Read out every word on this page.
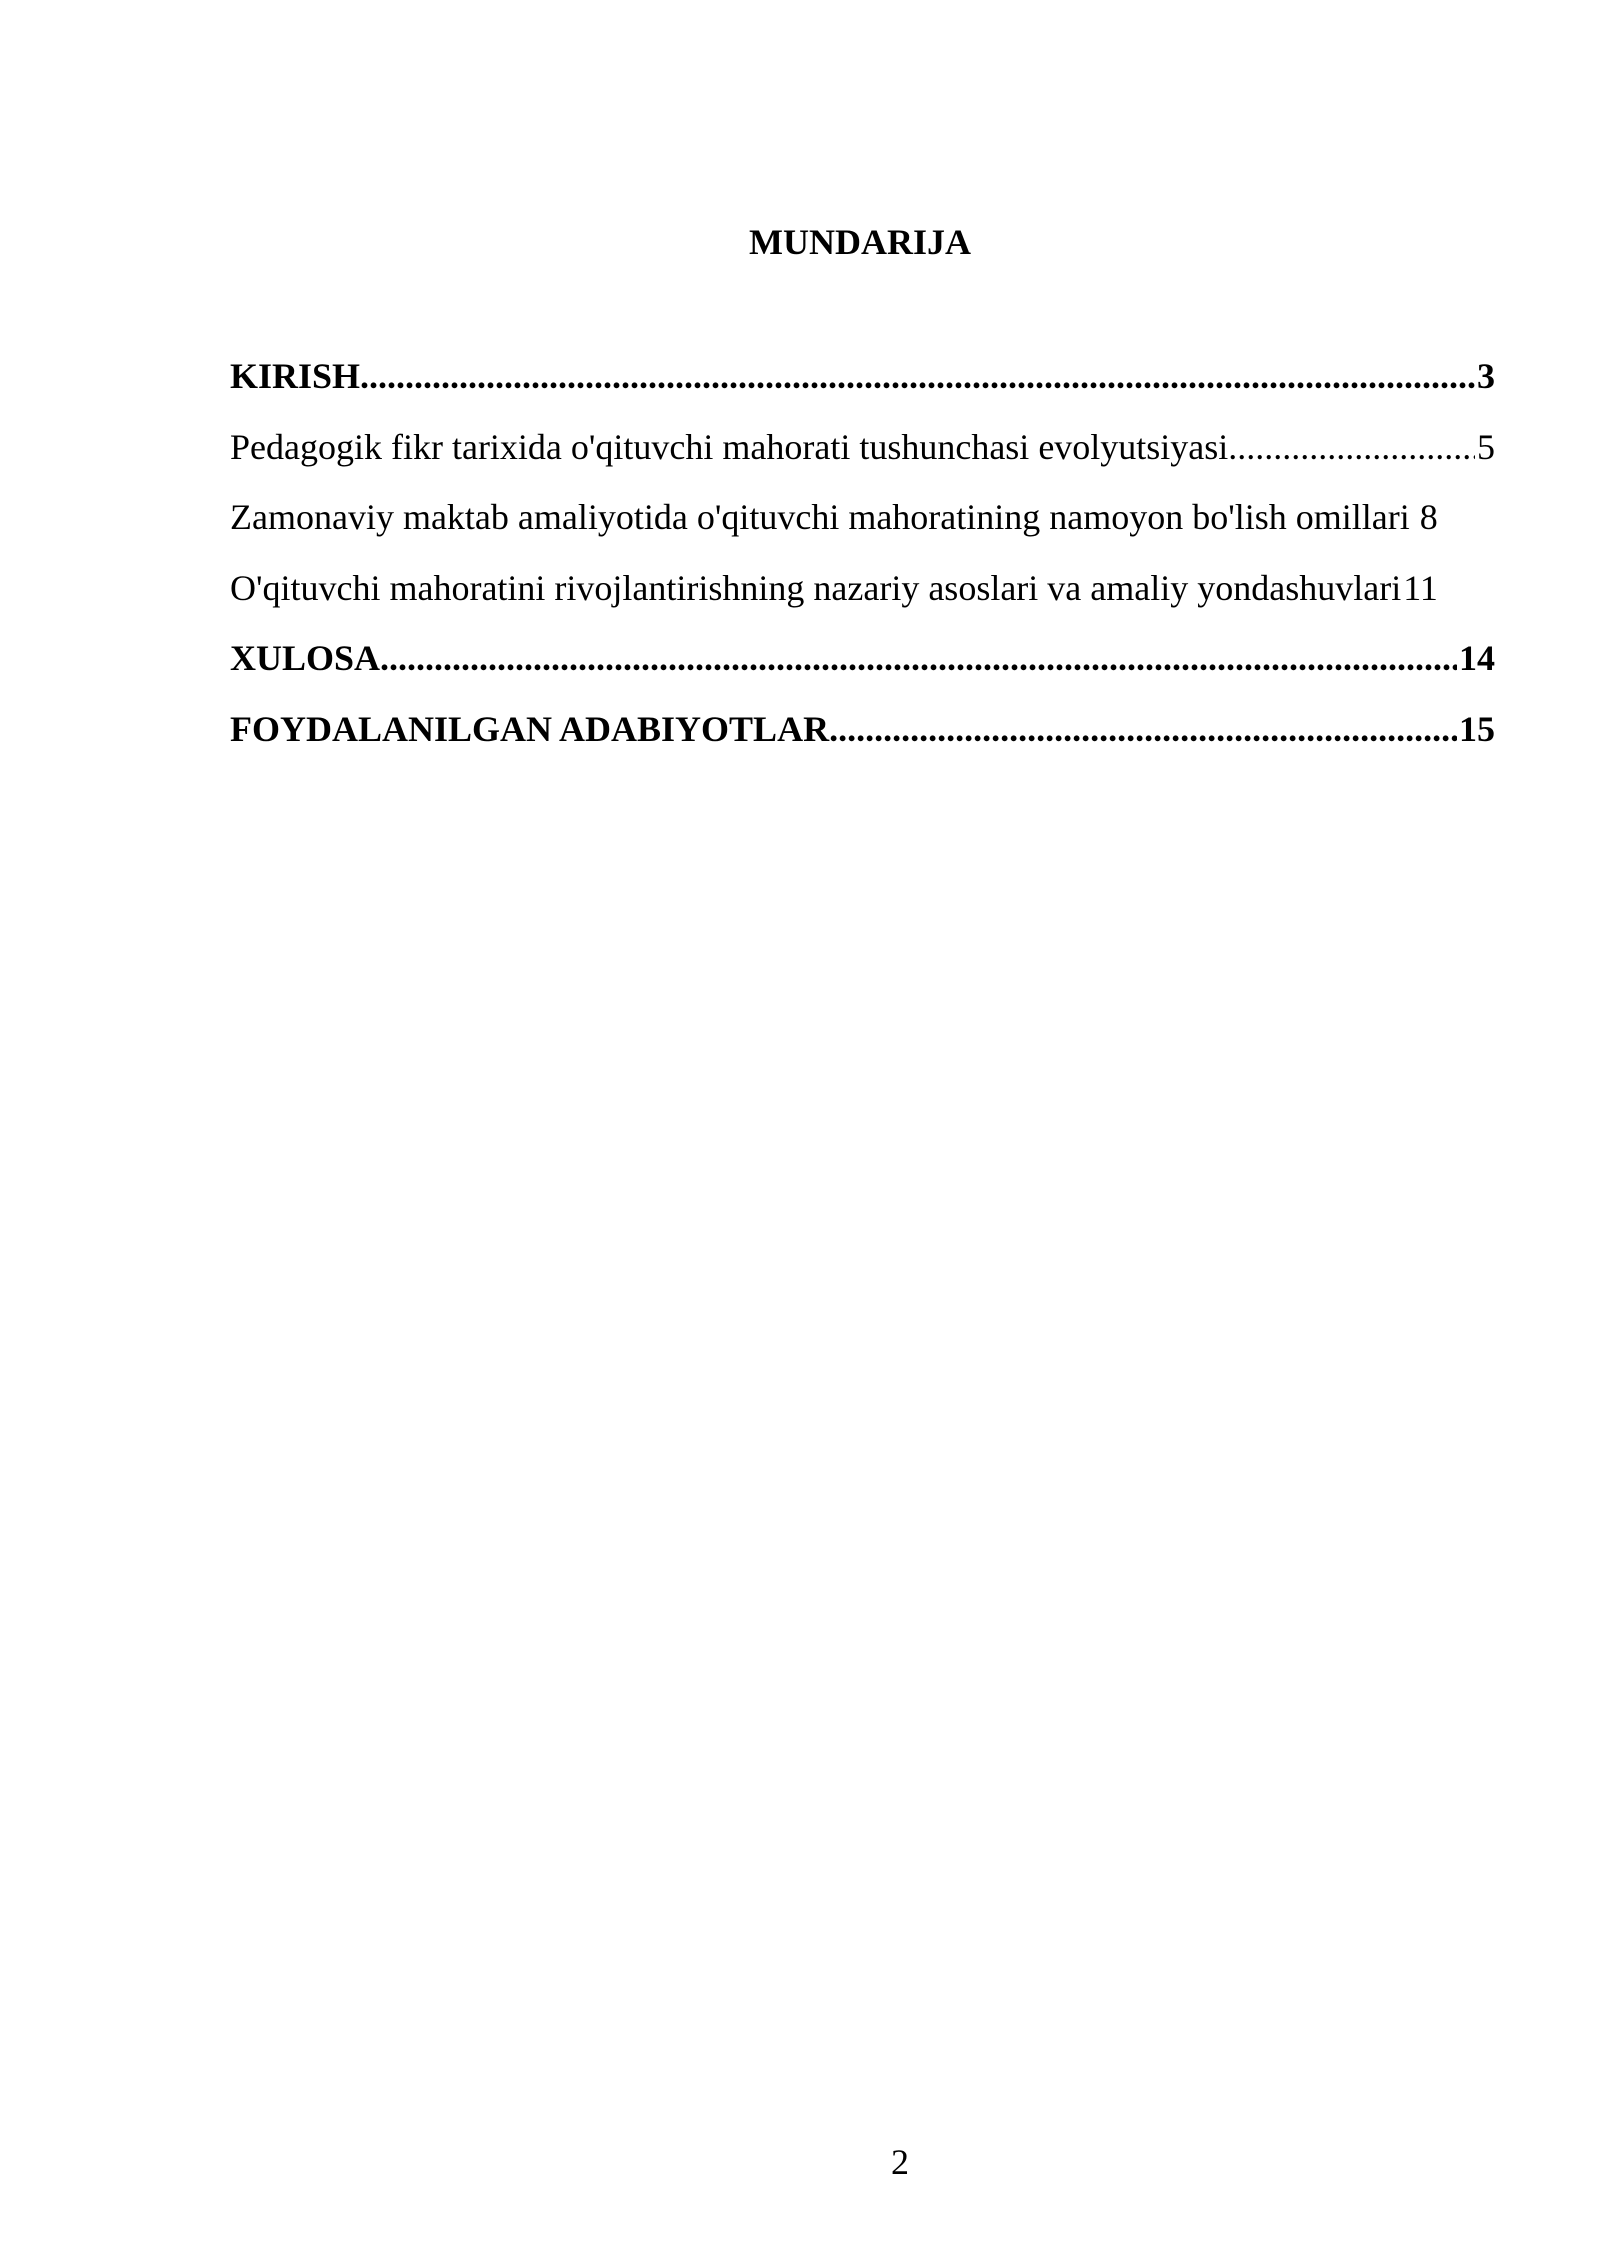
MUNDARIJA
KIRISH .....	3
Pedagogik fikr tarixida o'qituvchi mahorati tushunchasi evolyutsiyasi .....	5
Zamonaviy maktab amaliyotida o'qituvchi mahoratining namoyon bo'lish omillari 8
O'qituvchi mahoratini rivojlantirishning nazariy asoslari va amaliy yondashuvlari 11
XULOSA .....	14
FOYDALANILGAN ADABIYOTLAR .....	15
2
